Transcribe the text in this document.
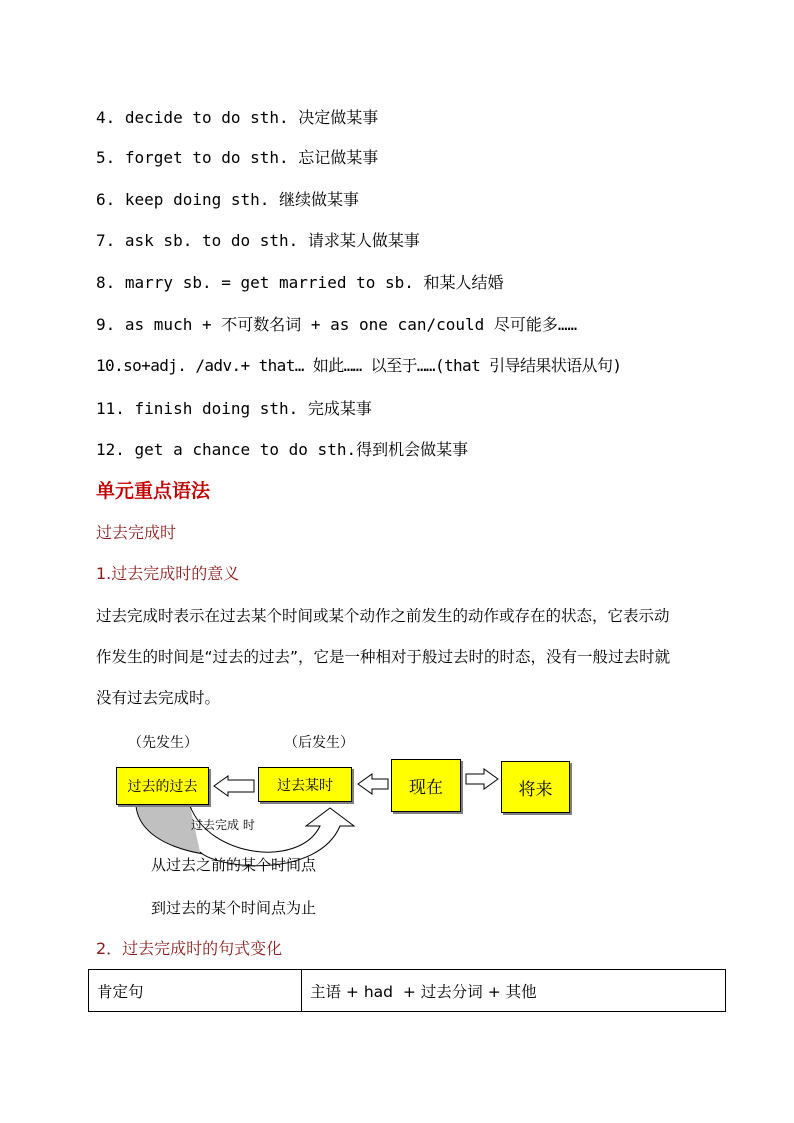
4. decide to do sth. 决定做某事
5. forget to do sth. 忘记做某事
6. keep doing sth. 继续做某事
7. ask sb. to do sth. 请求某人做某事
8. marry sb. = get married to sb. 和某人结婚
9. as much + 不可数名词 + as one can/could 尽可能多……
10.so+adj. /adv.+ that… 如此…… 以至于……(that 引导结果状语从句)
11. finish doing sth. 完成某事
12. get a chance to do sth.得到机会做某事
单元重点语法
过去完成时
1.过去完成时的意义
过去完成时表示在过去某个时间或某个动作之前发生的动作或存在的状态，它表示动
作发生的时间是“过去的过去”，它是一种相对于般过去时的时态，没有一般过去时就
没有过去完成时。
（先发生）	（后发生）
过去的过去	过去某时	现在	将来
过去完成 时
从过去之前的某个时间点
到过去的某个时间点为止
2．过去完成时的句式变化
肯定句	主语 + had  + 过去分词 + 其他
